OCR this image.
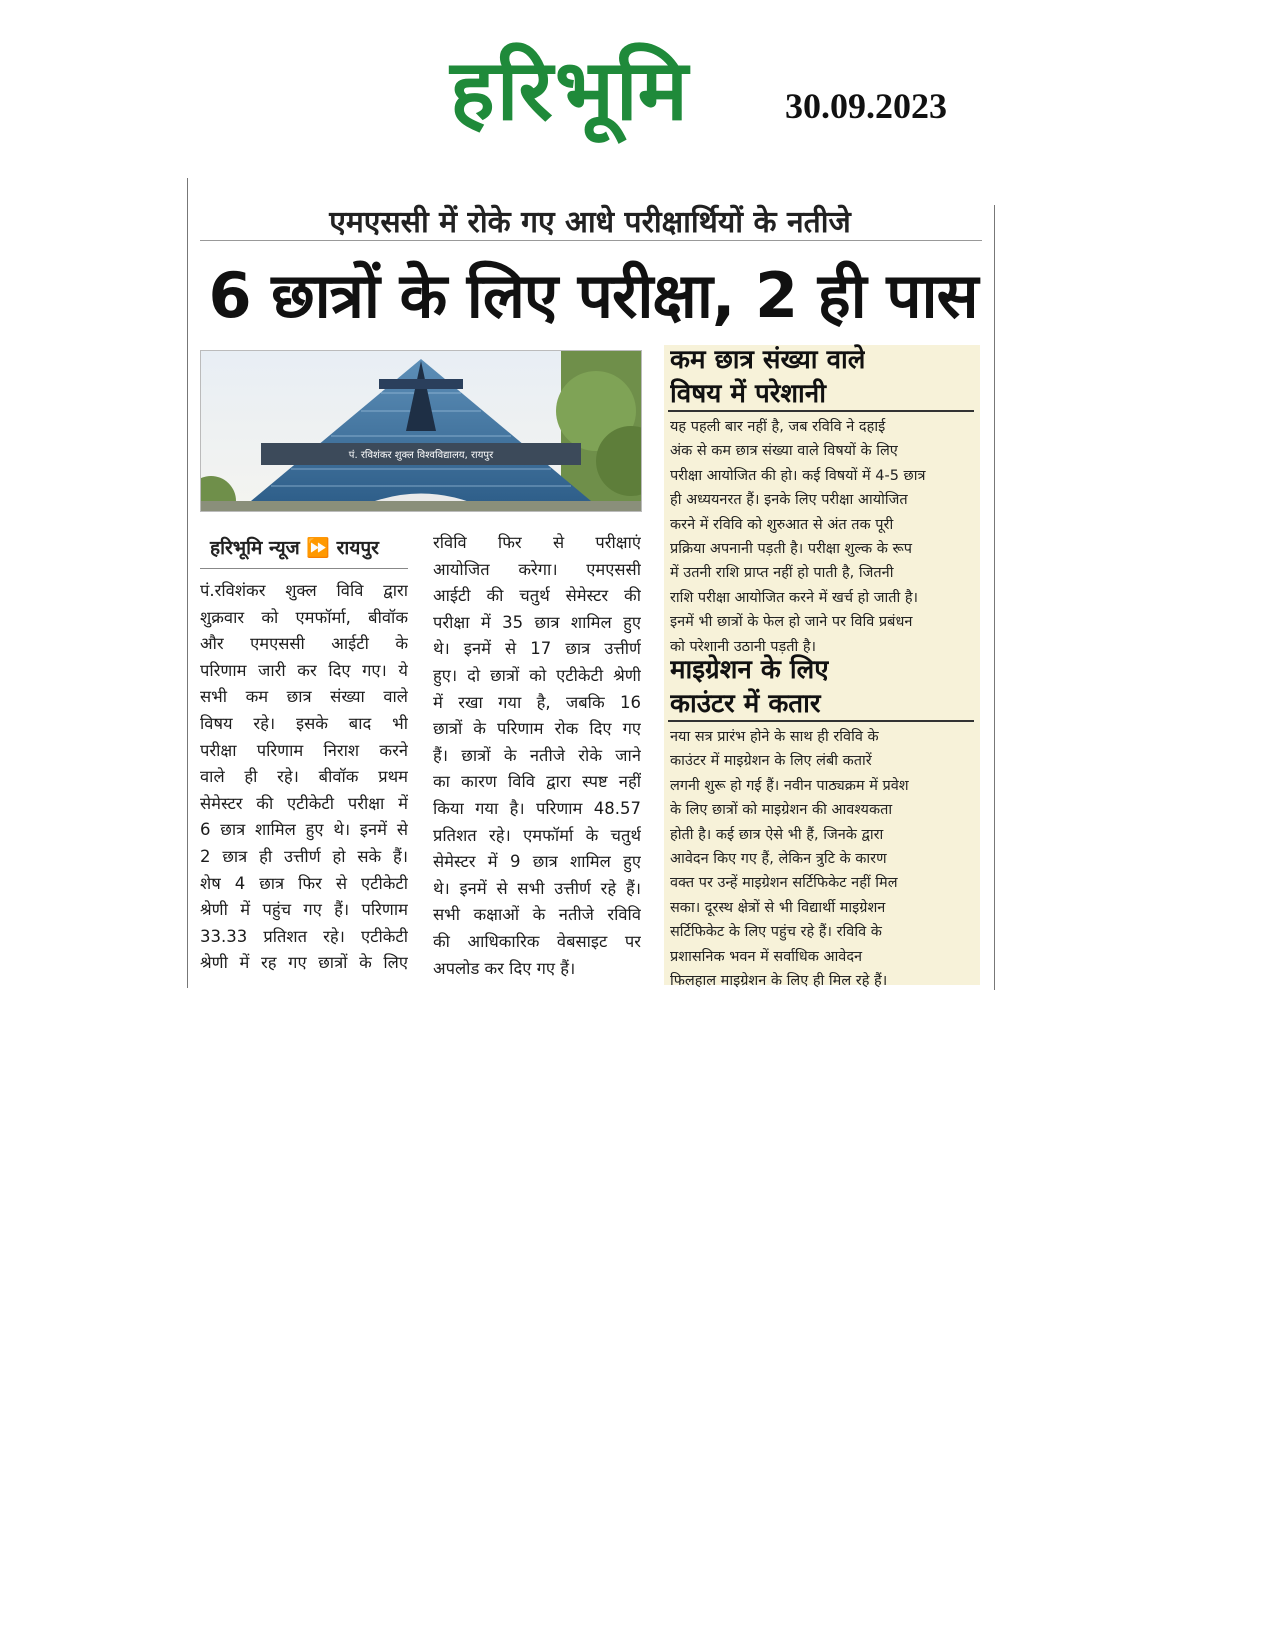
हरिभूमि	30.09.2023
एमएससी में रोके गए आधे परीक्षार्थियों के नतीजे
6 छात्रों के लिए परीक्षा, 2 ही पास
पं. रविशंकर शुक्ल विश्वविद्यालय, रायपुर
हरिभूमि न्यूज ⏩ रायपुर
पं.रविशंकर शुक्ल विवि द्वारा
शुक्रवार को एमफॉर्मा, बीवॉक
और एमएससी आईटी के
परिणाम जारी कर दिए गए। ये
सभी कम छात्र संख्या वाले
विषय रहे। इसके बाद भी
परीक्षा परिणाम निराश करने
वाले ही रहे। बीवॉक प्रथम
सेमेस्टर की एटीकेटी परीक्षा में
6 छात्र शामिल हुए थे। इनमें से
2 छात्र ही उत्तीर्ण हो सके हैं।
शेष 4 छात्र फिर से एटीकेटी
श्रेणी में पहुंच गए हैं। परिणाम
33.33 प्रतिशत रहे। एटीकेटी
श्रेणी में रह गए छात्रों के लिए
रविवि फिर से परीक्षाएं
आयोजित करेगा। एमएससी
आईटी की चतुर्थ सेमेस्टर की
परीक्षा में 35 छात्र शामिल हुए
थे। इनमें से 17 छात्र उत्तीर्ण
हुए। दो छात्रों को एटीकेटी श्रेणी
में रखा गया है, जबकि 16
छात्रों के परिणाम रोक दिए गए
हैं। छात्रों के नतीजे रोके जाने
का कारण विवि द्वारा स्पष्ट नहीं
किया गया है। परिणाम 48.57
प्रतिशत रहे। एमफॉर्मा के चतुर्थ
सेमेस्टर में 9 छात्र शामिल हुए
थे। इनमें से सभी उत्तीर्ण रहे हैं।
सभी कक्षाओं के नतीजे रविवि
की आधिकारिक वेबसाइट पर
अपलोड कर दिए गए हैं।
कम छात्र संख्या वाले
विषय में परेशानी
यह पहली बार नहीं है, जब रविवि ने दहाई
अंक से कम छात्र संख्या वाले विषयों के लिए
परीक्षा आयोजित की हो। कई विषयों में 4-5 छात्र
ही अध्ययनरत हैं। इनके लिए परीक्षा आयोजित
करने में रविवि को शुरुआत से अंत तक पूरी
प्रक्रिया अपनानी पड़ती है। परीक्षा शुल्क के रूप
में उतनी राशि प्राप्त नहीं हो पाती है, जितनी
राशि परीक्षा आयोजित करने में खर्च हो जाती है।
इनमें भी छात्रों के फेल हो जाने पर विवि प्रबंधन
को परेशानी उठानी पड़ती है।
माइग्रेशन के लिए
काउंटर में कतार
नया सत्र प्रारंभ होने के साथ ही रविवि के
काउंटर में माइग्रेशन के लिए लंबी कतारें
लगनी शुरू हो गई हैं। नवीन पाठ्यक्रम में प्रवेश
के लिए छात्रों को माइग्रेशन की आवश्यकता
होती है। कई छात्र ऐसे भी हैं, जिनके द्वारा
आवेदन किए गए हैं, लेकिन त्रुटि के कारण
वक्त पर उन्हें माइग्रेशन सर्टिफिकेट नहीं मिल
सका। दूरस्थ क्षेत्रों से भी विद्यार्थी माइग्रेशन
सर्टिफिकेट के लिए पहुंच रहे हैं। रविवि के
प्रशासनिक भवन में सर्वाधिक आवेदन
फिलहाल माइग्रेशन के लिए ही मिल रहे हैं।
